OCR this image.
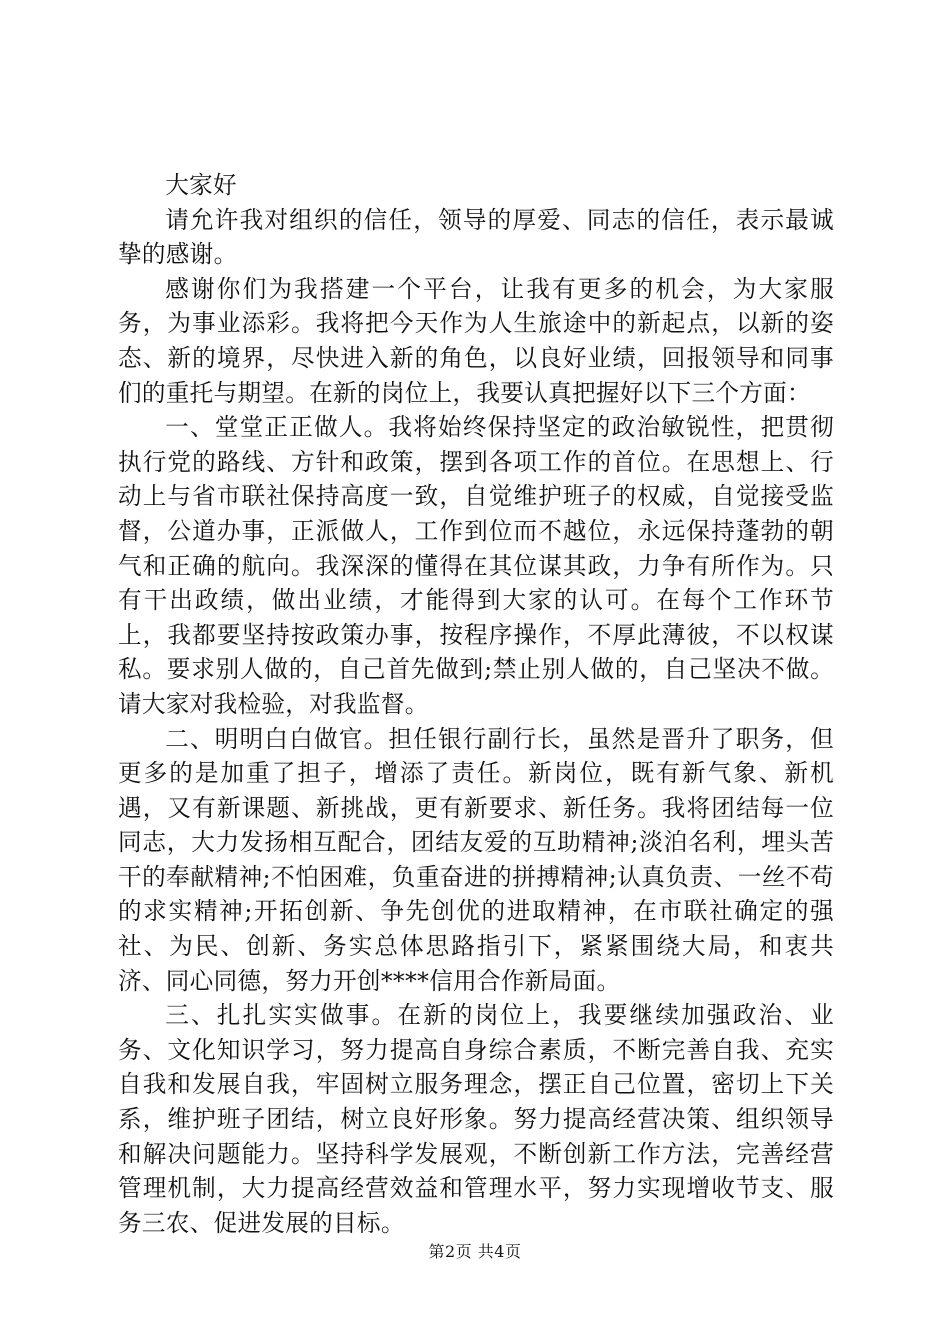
大家好

请允许我对组织的信任，领导的厚爱、同志的信任，表示最诚挚的感谢。

感谢你们为我搭建一个平台，让我有更多的机会，为大家服务，为事业添彩。我将把今天作为人生旅途中的新起点，以新的姿态、新的境界，尽快进入新的角色，以良好业绩，回报领导和同事们的重托与期望。在新的岗位上，我要认真把握好以下三个方面：

一、堂堂正正做人。我将始终保持坚定的政治敏锐性，把贯彻执行党的路线、方针和政策，摆到各项工作的首位。在思想上、行动上与省市联社保持高度一致，自觉维护班子的权威，自觉接受监督，公道办事，正派做人，工作到位而不越位，永远保持蓬勃的朝气和正确的航向。我深深的懂得在其位谋其政，力争有所作为。只有干出政绩，做出业绩，才能得到大家的认可。在每个工作环节上，我都要坚持按政策办事，按程序操作，不厚此薄彼，不以权谋私。要求别人做的，自己首先做到;禁止别人做的，自己坚决不做。请大家对我检验，对我监督。

二、明明白白做官。担任银行副行长，虽然是晋升了职务，但更多的是加重了担子，增添了责任。新岗位，既有新气象、新机遇，又有新课题、新挑战，更有新要求、新任务。我将团结每一位同志，大力发扬相互配合，团结友爱的互助精神;淡泊名利，埋头苦干的奉献精神;不怕困难，负重奋进的拼搏精神;认真负责、一丝不苟的求实精神;开拓创新、争先创优的进取精神，在市联社确定的强社、为民、创新、务实总体思路指引下，紧紧围绕大局，和衷共济、同心同德，努力开创****信用合作新局面。

三、扎扎实实做事。在新的岗位上，我要继续加强政治、业务、文化知识学习，努力提高自身综合素质，不断完善自我、充实自我和发展自我，牢固树立服务理念，摆正自己位置，密切上下关系，维护班子团结，树立良好形象。努力提高经营决策、组织领导和解决问题能力。坚持科学发展观，不断创新工作方法，完善经营管理机制，大力提高经营效益和管理水平，努力实现增收节支、服务三农、促进发展的目标。

第2页 共4页
